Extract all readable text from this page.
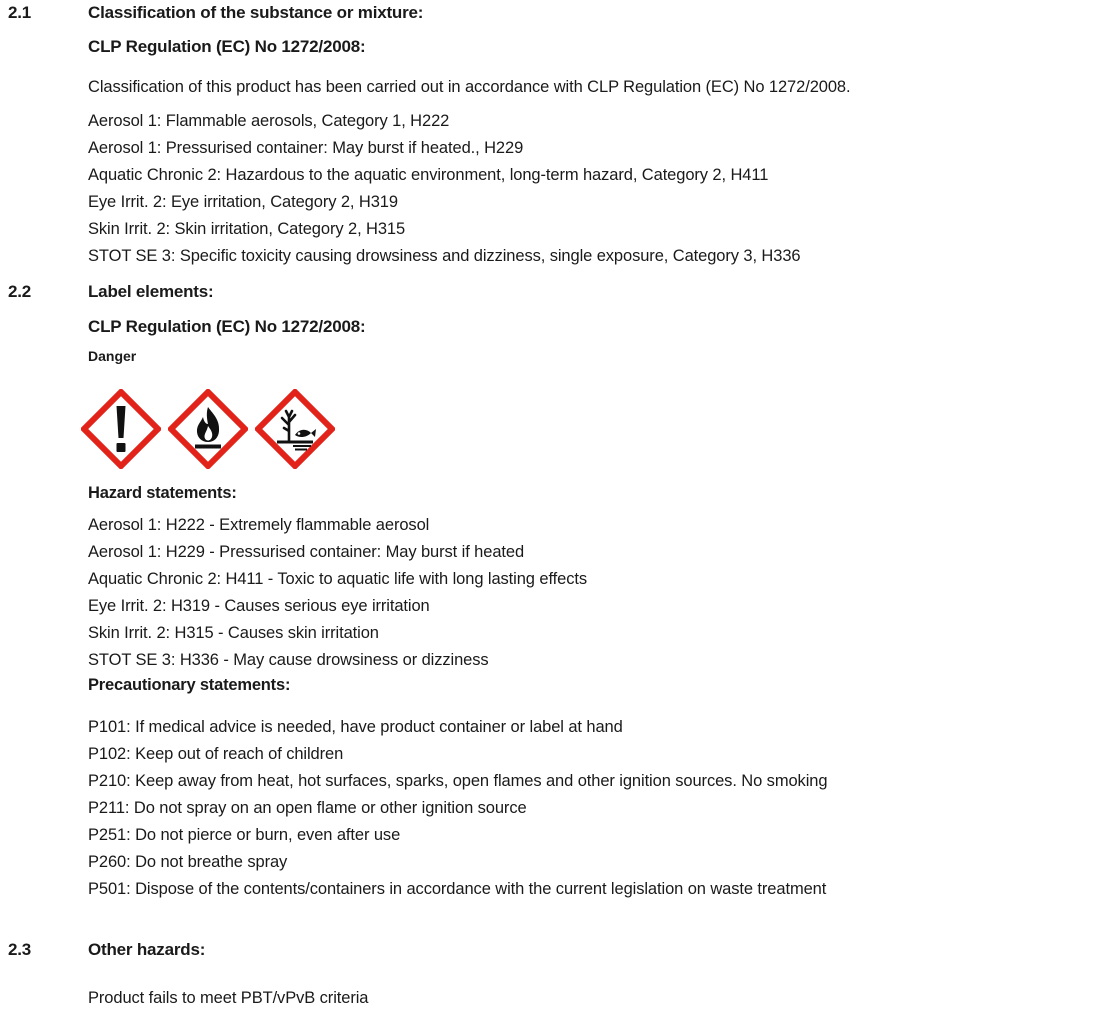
2.1	Classification of the substance or mixture:
CLP Regulation (EC) No 1272/2008:
Classification of this product has been carried out in accordance with CLP Regulation (EC) No 1272/2008.
Aerosol 1: Flammable aerosols, Category 1, H222
Aerosol 1: Pressurised container: May burst if heated., H229
Aquatic Chronic 2: Hazardous to the aquatic environment, long-term hazard, Category 2, H411
Eye Irrit. 2: Eye irritation, Category 2, H319
Skin Irrit. 2: Skin irritation, Category 2, H315
STOT SE 3: Specific toxicity causing drowsiness and dizziness, single exposure, Category 3, H336
2.2	Label elements:
CLP Regulation (EC) No 1272/2008:
Danger
Hazard statements:
Aerosol 1: H222 - Extremely flammable aerosol
Aerosol 1: H229 - Pressurised container: May burst if heated
Aquatic Chronic 2: H411 - Toxic to aquatic life with long lasting effects
Eye Irrit. 2: H319 - Causes serious eye irritation
Skin Irrit. 2: H315 - Causes skin irritation
STOT SE 3: H336 - May cause drowsiness or dizziness
Precautionary statements:
P101: If medical advice is needed, have product container or label at hand
P102: Keep out of reach of children
P210: Keep away from heat, hot surfaces, sparks, open flames and other ignition sources. No smoking
P211: Do not spray on an open flame or other ignition source
P251: Do not pierce or burn, even after use
P260: Do not breathe spray
P501: Dispose of the contents/containers in accordance with the current legislation on waste treatment
2.3	Other hazards:
Product fails to meet PBT/vPvB criteria
